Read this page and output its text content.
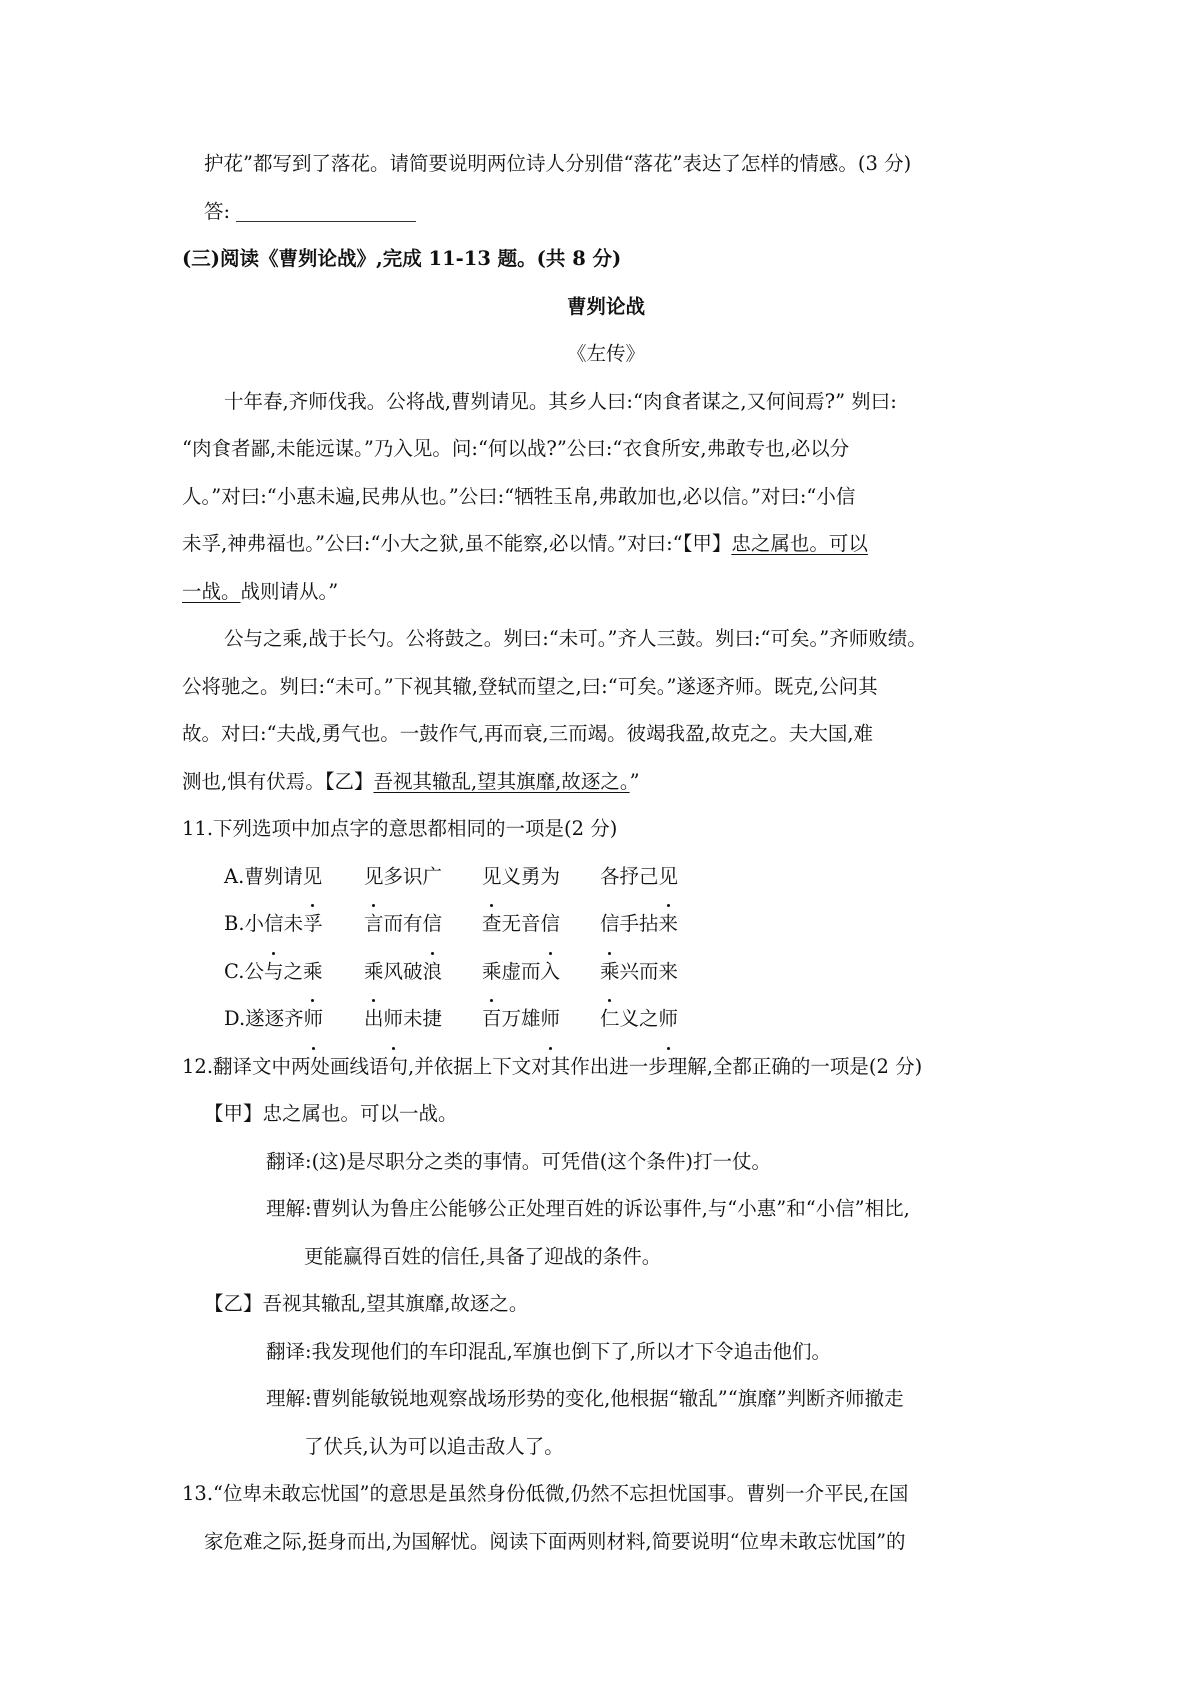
护花”都写到了落花。请简要说明两位诗人分别借“落花”表达了怎样的情感。(3 分)
答:
(三)阅读《曹刿论战》,完成 11-13 题。(共 8 分)
曹刿论战
《左传》
十年春,齐师伐我。公将战,曹刿请见。其乡人曰:“肉食者谋之,又何间焉?” 刿曰:
“肉食者鄙,未能远谋。”乃入见。问:“何以战?”公曰:“衣食所安,弗敢专也,必以分
人。”对曰:“小惠未遍,民弗从也。”公曰:“牺牲玉帛,弗敢加也,必以信。”对曰:“小信
未孚,神弗福也。”公曰:“小大之狱,虽不能察,必以情。”对曰:“【甲】忠之属也。可以
一战。战则请从。”
公与之乘,战于长勺。公将鼓之。刿曰:“未可。”齐人三鼓。刿曰:“可矣。”齐师败绩。
公将驰之。刿曰:“未可。”下视其辙,登轼而望之,曰:“可矣。”遂逐齐师。既克,公问其
故。对曰:“夫战,勇气也。一鼓作气,再而衰,三而竭。彼竭我盈,故克之。夫大国,难
测也,惧有伏焉。【乙】吾视其辙乱,望其旗靡,故逐之。”
11.下列选项中加点字的意思都相同的一项是(2 分)
A.曹刿请见 见多识广 见义勇为 各抒己见
B.小信未孚 言而有信 查无音信 信手拈来
C.公与之乘 乘风破浪 乘虚而入 乘兴而来
D.遂逐齐师 出师未捷 百万雄师 仁义之师
12.翻译文中两处画线语句,并依据上下文对其作出进一步理解,全都正确的一项是(2 分)
【甲】忠之属也。可以一战。
翻译:(这)是尽职分之类的事情。可凭借(这个条件)打一仗。
理解:曹刿认为鲁庄公能够公正处理百姓的诉讼事件,与“小惠”和“小信”相比,
更能赢得百姓的信任,具备了迎战的条件。
【乙】吾视其辙乱,望其旗靡,故逐之。
翻译:我发现他们的车印混乱,军旗也倒下了,所以才下令追击他们。
理解:曹刿能敏锐地观察战场形势的变化,他根据“辙乱”“旗靡”判断齐师撤走
了伏兵,认为可以追击敌人了。
13.“位卑未敢忘忧国”的意思是虽然身份低微,仍然不忘担忧国事。曹刿一介平民,在国
家危难之际,挺身而出,为国解忧。阅读下面两则材料,简要说明“位卑未敢忘忧国”的
